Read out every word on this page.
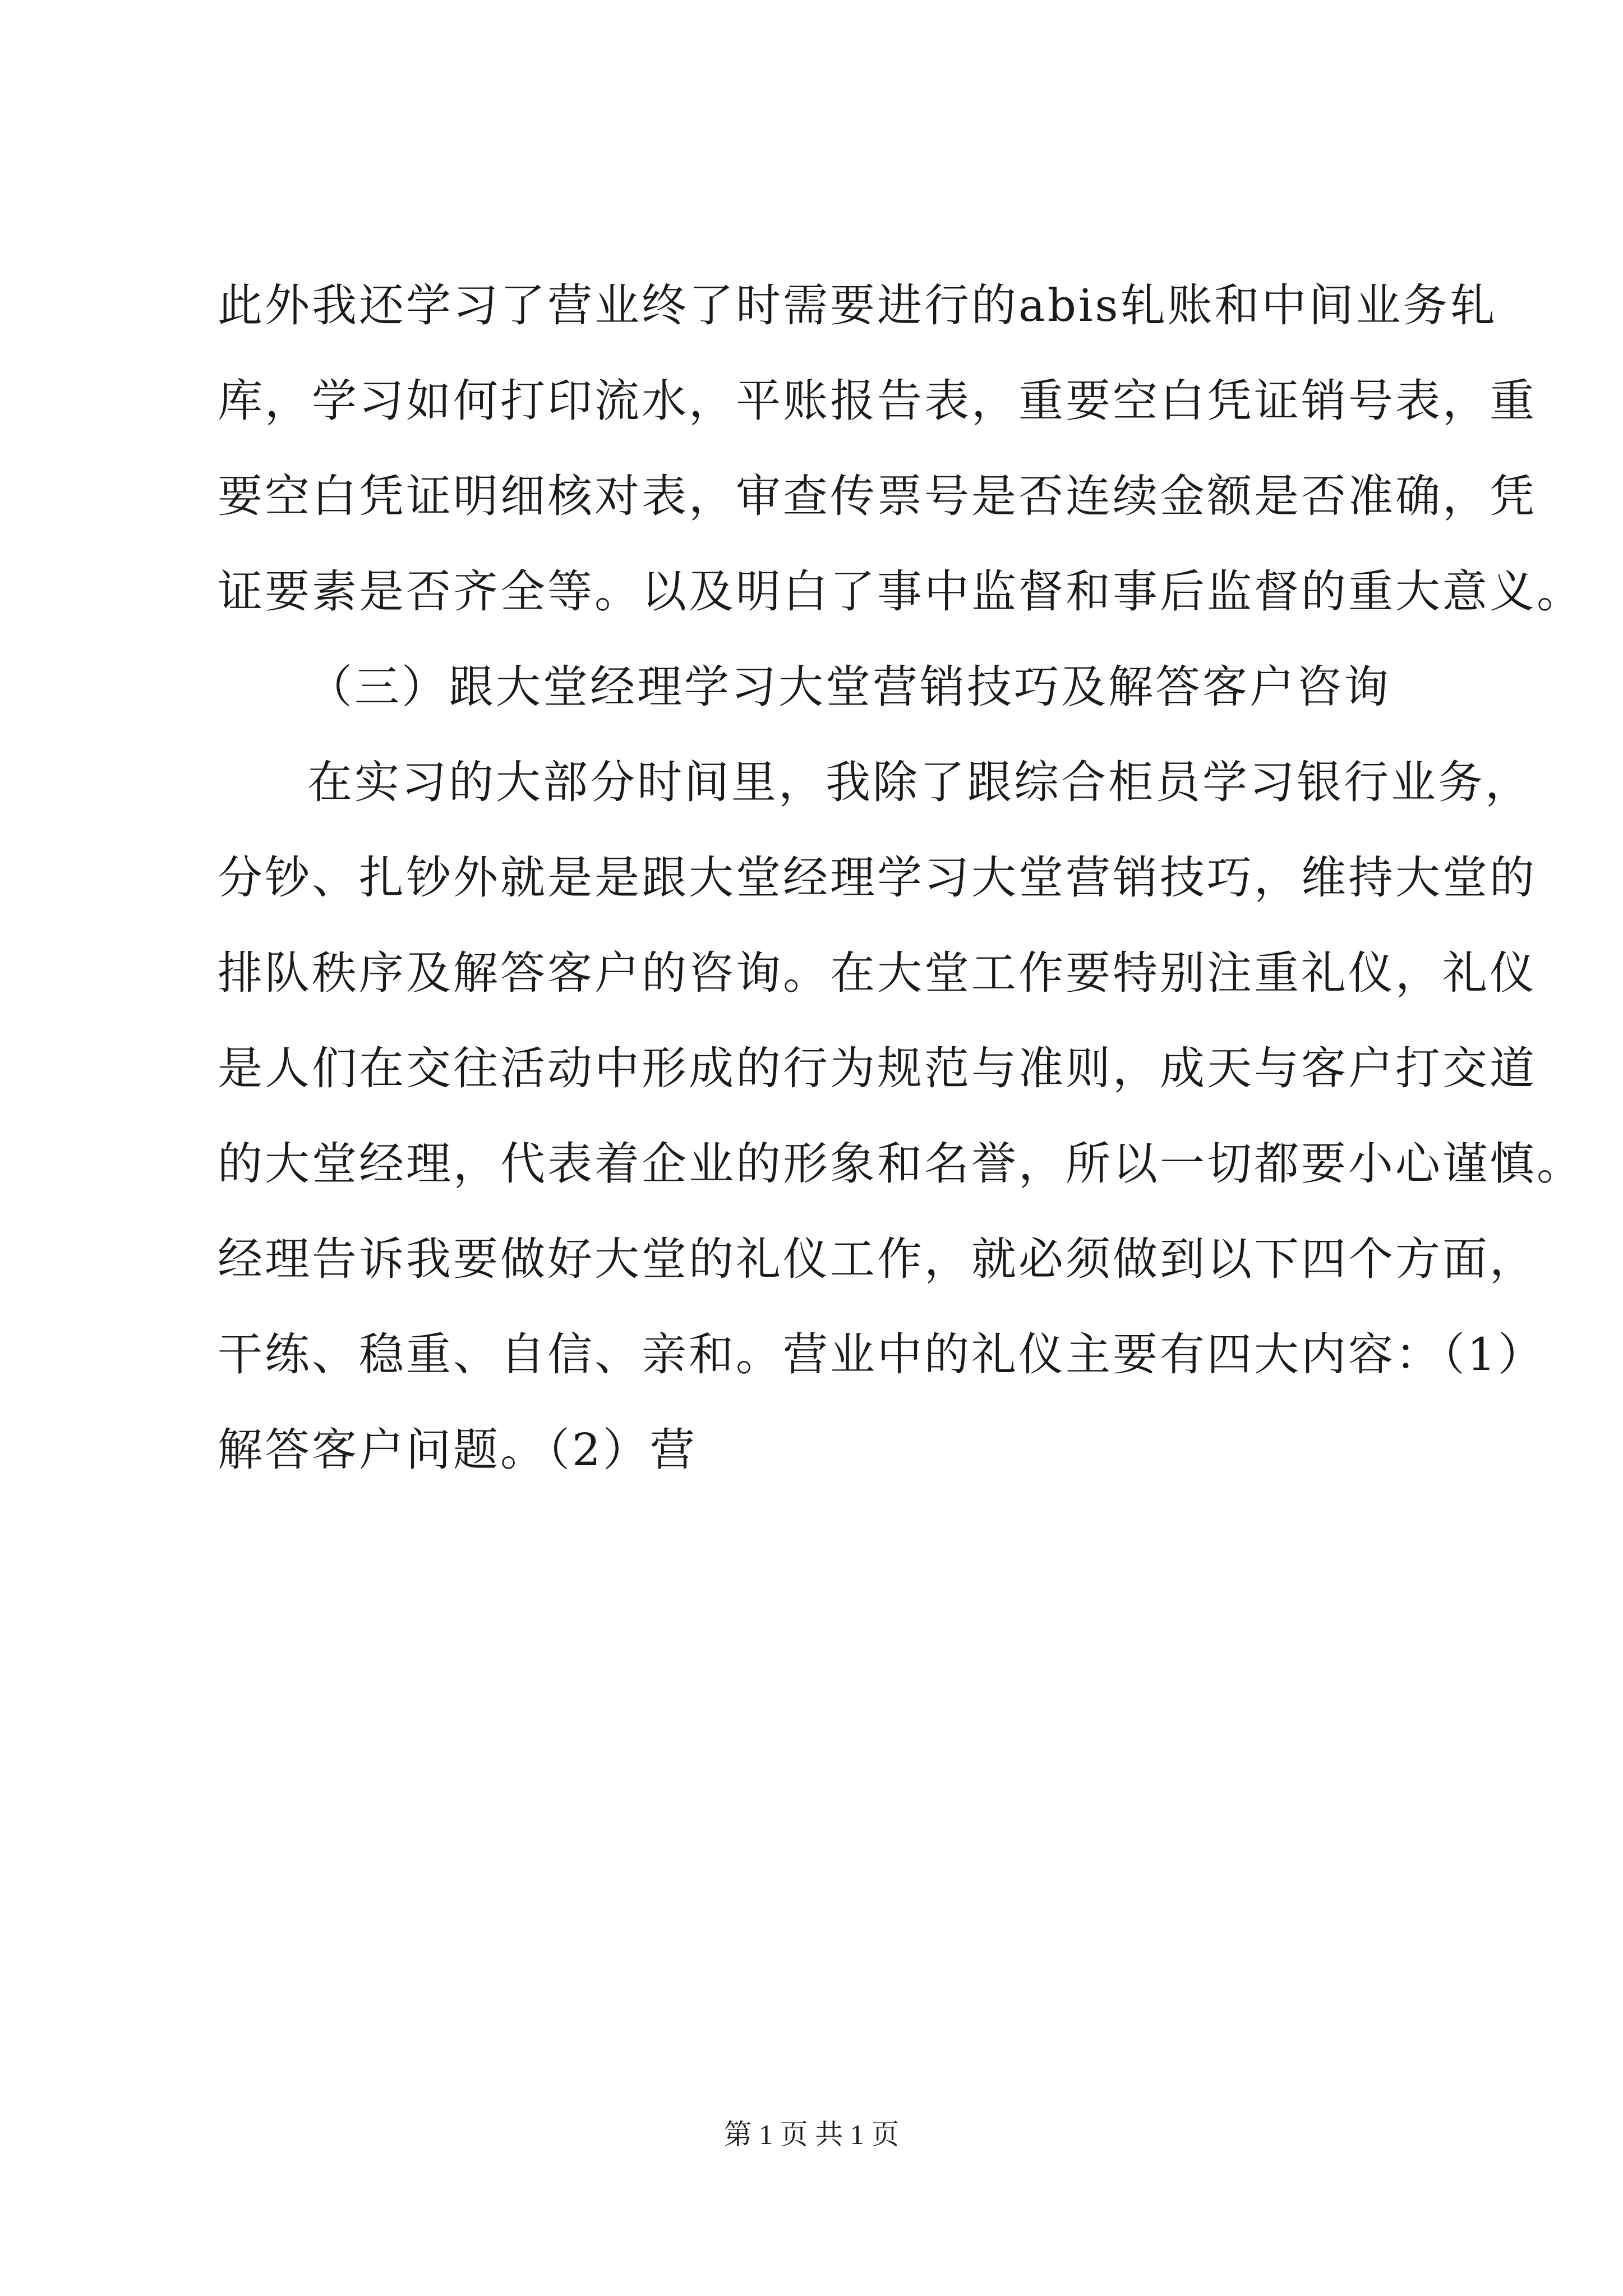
此外我还学习了营业终了时需要进行的abis轧账和中间业务轧
库，学习如何打印流水，平账报告表，重要空白凭证销号表，重
要空白凭证明细核对表，审查传票号是否连续金额是否准确，凭
证要素是否齐全等。以及明白了事中监督和事后监督的重大意义。
（三）跟大堂经理学习大堂营销技巧及解答客户咨询
在实习的大部分时间里，我除了跟综合柜员学习银行业务，
分钞、扎钞外就是是跟大堂经理学习大堂营销技巧，维持大堂的
排队秩序及解答客户的咨询。在大堂工作要特别注重礼仪，礼仪
是人们在交往活动中形成的行为规范与准则，成天与客户打交道
的大堂经理，代表着企业的形象和名誉，所以一切都要小心谨慎。
经理告诉我要做好大堂的礼仪工作，就必须做到以下四个方面，
干练、稳重、自信、亲和。营业中的礼仪主要有四大内容：（1）
解答客户问题。（2）营
第 1 页 共 1 页
